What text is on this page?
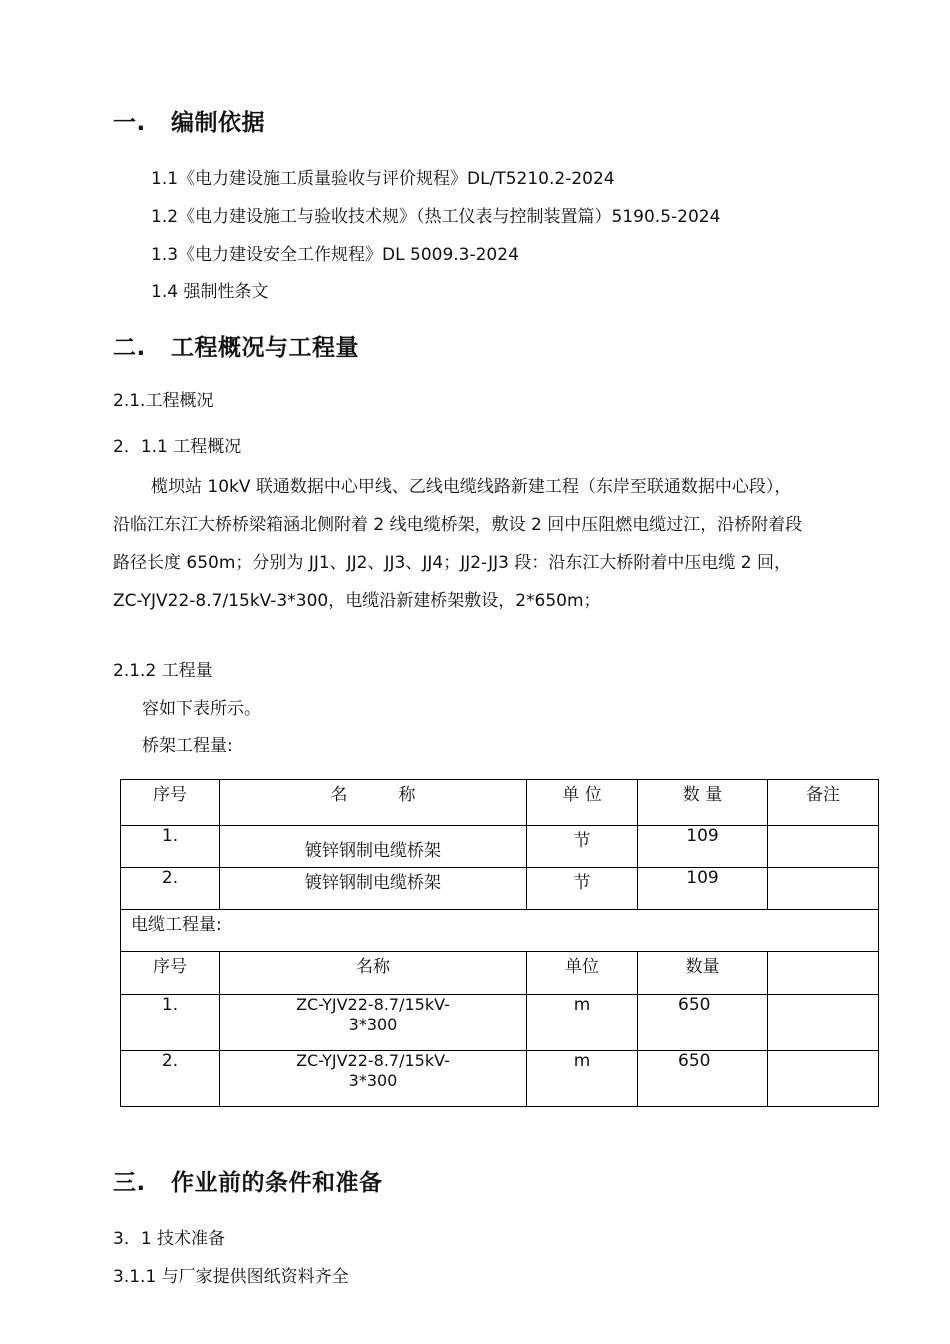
一. 编制依据
1.1《电力建设施工质量验收与评价规程》DL/T5210.2-2024
1.2《电力建设施工与验收技术规》（热工仪表与控制装置篇）5190.5-2024
1.3《电力建设安全工作规程》DL 5009.3-2024
1.4 强制性条文
二. 工程概况与工程量
2.1.工程概况
2．1.1 工程概况

榄坝站 10kV 联通数据中心甲线、乙线电缆线路新建工程（东岸至联通数据中心段），

沿临江东江大桥桥梁箱涵北侧附着 2 线电缆桥架，敷设 2 回中压阻燃电缆过江，沿桥附着段

路径长度 650m；分别为 JJ1、JJ2、JJ3、JJ4；JJ2-JJ3 段：沿东江大桥附着中压电缆 2 回，

ZC-YJV22-8.7/15kV-3*300，电缆沿新建桥架敷设，2*650m；

2.1.2 工程量
容如下表所示。
桥架工程量:
序号	名　　　称	单 位	数 量	备注
1.	镀锌钢制电缆桥架	节	109	
2.	镀锌钢制电缆桥架	节	109	
电缆工程量:				
序号	名称	单位	数量	
1.	ZC-YJV22-8.7/15kV-
3*300	m	650	
2.	ZC-YJV22-8.7/15kV-
3*300	m	650	
三. 作业前的条件和准备
3．1 技术准备
3.1.1 与厂家提供图纸资料齐全
